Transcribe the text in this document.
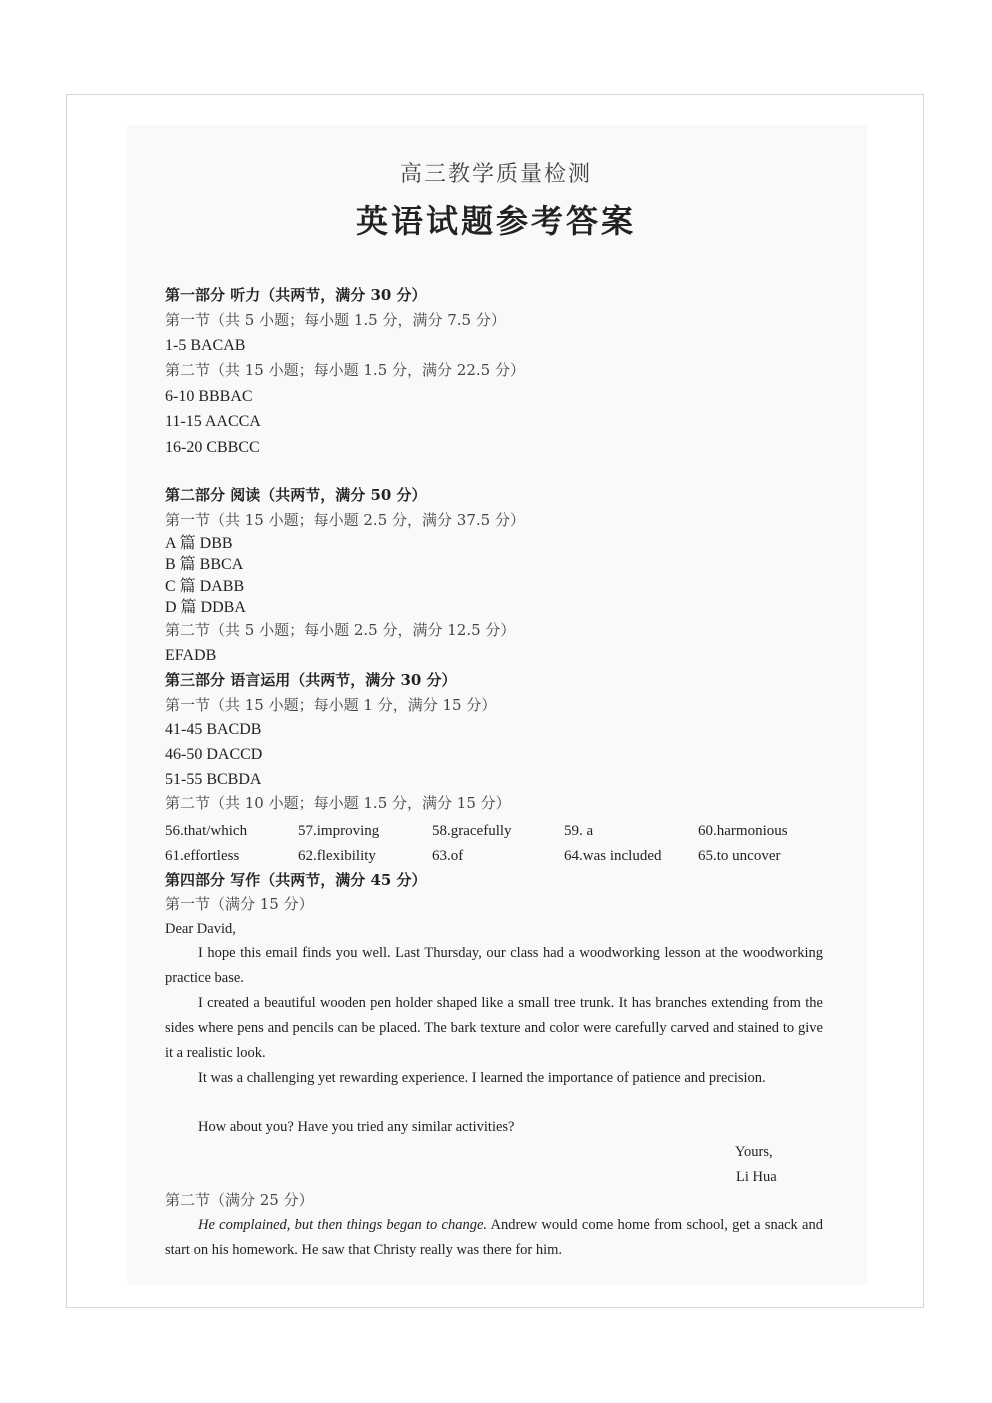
高三教学质量检测
英语试题参考答案
第一部分 听力（共两节，满分 30 分）
第一节（共 5 小题；每小题 1.5 分，满分 7.5 分）
1-5 BACAB
第二节（共 15 小题；每小题 1.5 分，满分 22.5 分）
6-10 BBBAC
11-15 AACCA
16-20 CBBCC
第二部分 阅读（共两节，满分 50 分）
第一节（共 15 小题；每小题 2.5 分，满分 37.5 分）
A 篇 DBB
B 篇 BBCA
C 篇 DABB
D 篇 DDBA
第二节（共 5 小题；每小题 2.5 分，满分 12.5 分）
EFADB
第三部分 语言运用（共两节，满分 30 分）
第一节（共 15 小题；每小题 1 分，满分 15 分）
41-45 BACDB
46-50 DACCD
51-55 BCBDA
第二节（共 10 小题；每小题 1.5 分，满分 15 分）
56.that/which	57.improving	58.gracefully	59. a	60.harmonious
61.effortless	62.flexibility	63.of	64.was included 65.to uncover
第四部分 写作（共两节，满分 45 分）
第一节（满分 15 分）
Dear David,
I hope this email finds you well. Last Thursday, our class had a woodworking lesson at the woodworking practice base.
I created a beautiful wooden pen holder shaped like a small tree trunk. It has branches extending from the sides where pens and pencils can be placed. The bark texture and color were carefully carved and stained to give it a realistic look.
It was a challenging yet rewarding experience. I learned the importance of patience and precision.
How about you? Have you tried any similar activities?
Yours,
Li Hua
第二节（满分 25 分）
He complained, but then things began to change. Andrew would come home from school, get a snack and start on his homework. He saw that Christy really was there for him.
